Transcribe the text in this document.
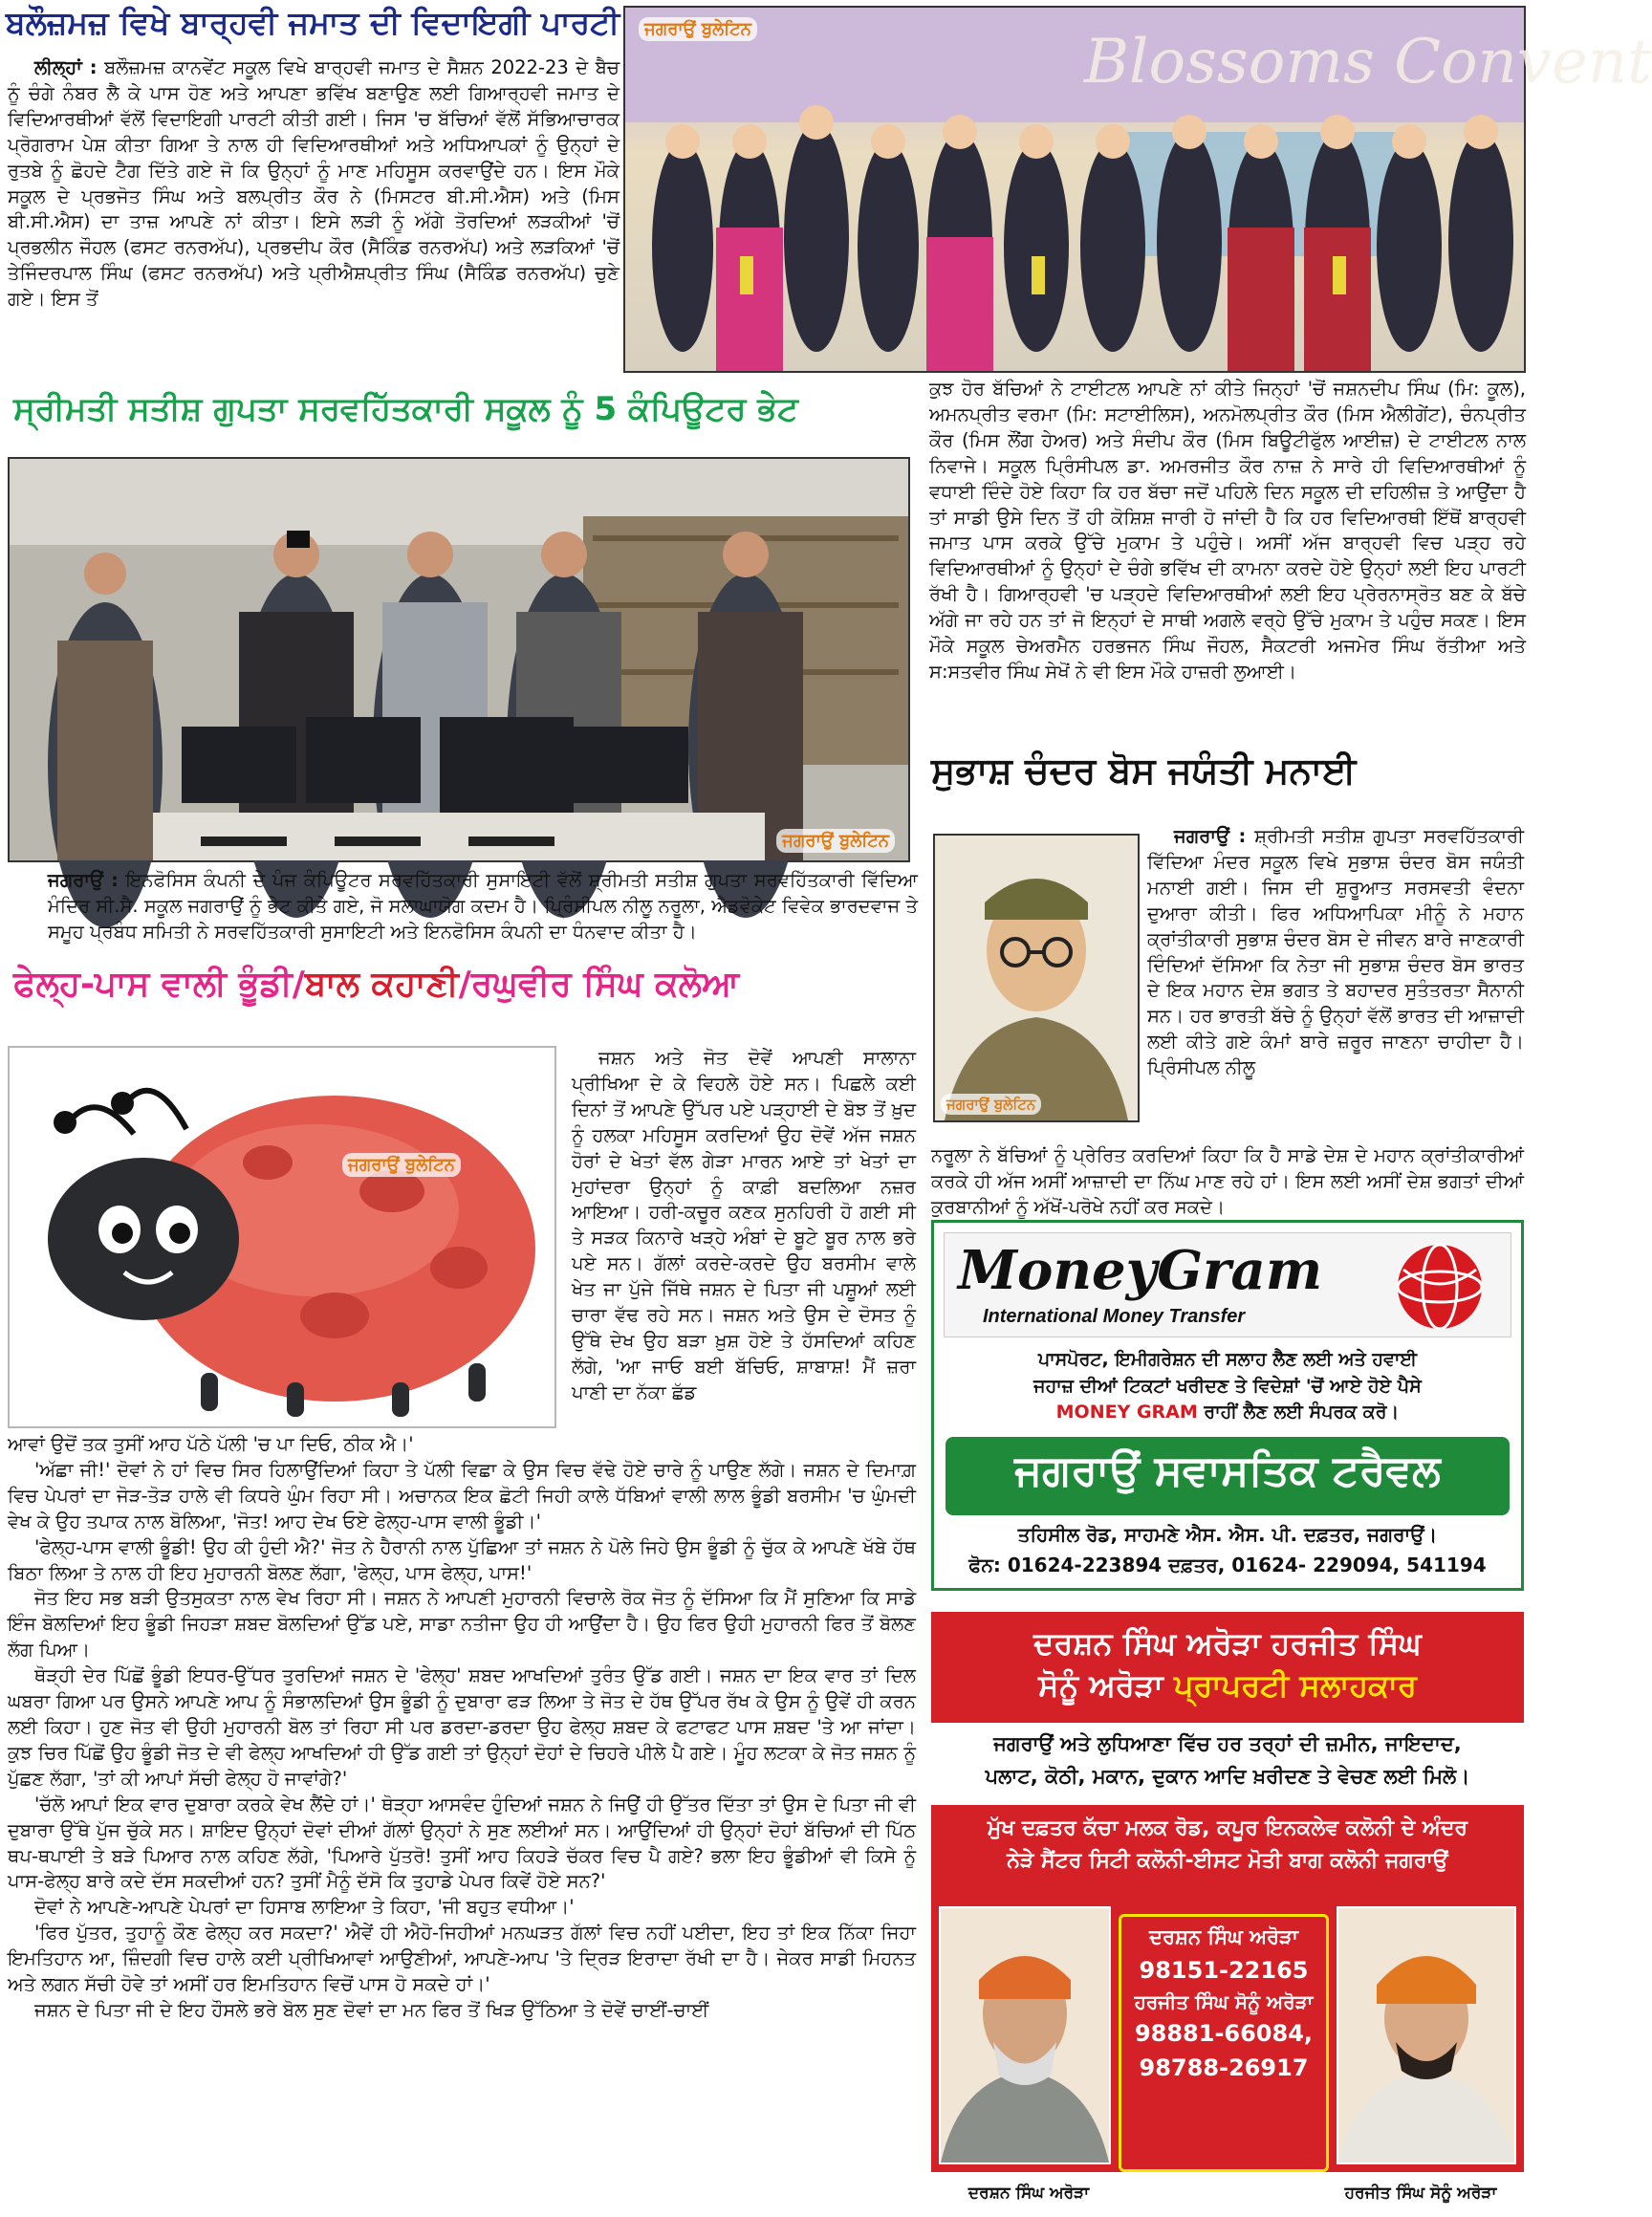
ਬਲੌਜ਼ਮਜ਼ ਵਿਖੇ ਬਾਰ੍ਹਵੀ ਜਮਾਤ ਦੀ ਵਿਦਾਇਗੀ ਪਾਰਟੀ

ਲੀਲ੍ਹਾਂ : ਬਲੌਜ਼ਮਜ਼ ਕਾਨਵੇਂਟ ਸਕੂਲ ਵਿਖੇ ਬਾਰ੍ਹਵੀ ਜਮਾਤ ਦੇ ਸੈਸ਼ਨ 2022-23 ਦੇ ਬੈਚ ਨੂੰ ਚੰਗੇ ਨੰਬਰ ਲੈ ਕੇ ਪਾਸ ਹੋਣ ਅਤੇ ਆਪਣਾ ਭਵਿੱਖ ਬਣਾਉਣ ਲਈ ਗਿਆਰ੍ਹਵੀ ਜਮਾਤ ਦੇ ਵਿਦਿਆਰਥੀਆਂ ਵੱਲੋਂ ਵਿਦਾਇਗੀ ਪਾਰਟੀ ਕੀਤੀ ਗਈ। ਜਿਸ 'ਚ ਬੱਚਿਆਂ ਵੱਲੋਂ ਸੱਭਿਆਚਾਰਕ ਪ੍ਰੋਗਰਾਮ ਪੇਸ਼ ਕੀਤਾ ਗਿਆ ਤੇ ਨਾਲ ਹੀ ਵਿਦਿਆਰਥੀਆਂ ਅਤੇ ਅਧਿਆਪਕਾਂ ਨੂੰ ਉਨ੍ਹਾਂ ਦੇ ਰੁਤਬੇ ਨੂੰ ਛੋਹਦੇ ਟੈਗ ਦਿੱਤੇ ਗਏ ਜੋ ਕਿ ਉਨ੍ਹਾਂ ਨੂੰ ਮਾਣ ਮਹਿਸੂਸ ਕਰਵਾਉਂਦੇ ਹਨ। ਇਸ ਮੌਕੇ ਸਕੂਲ ਦੇ ਪ੍ਰਭਜੋਤ ਸਿੰਘ ਅਤੇ ਬਲਪ੍ਰੀਤ ਕੌਰ ਨੇ (ਮਿਸਟਰ ਬੀ.ਸੀ.ਐਸ) ਅਤੇ (ਮਿਸ ਬੀ.ਸੀ.ਐਸ) ਦਾ ਤਾਜ਼ ਆਪਣੇ ਨਾਂ ਕੀਤਾ। ਇਸੇ ਲੜੀ ਨੂੰ ਅੱਗੇ ਤੋਰਦਿਆਂ ਲੜਕੀਆਂ 'ਚੋਂ ਪ੍ਰਭਲੀਨ ਜੌਹਲ (ਫਸਟ ਰਨਰਅੱਪ), ਪ੍ਰਭਦੀਪ ਕੌਰ (ਸੈਕਿੰਡ ਰਨਰਅੱਪ) ਅਤੇ ਲੜਕਿਆਂ 'ਚੋਂ ਤੇਜਿੰਦਰਪਾਲ ਸਿੰਘ (ਫਸਟ ਰਨਰਅੱਪ) ਅਤੇ ਪ੍ਰੀਐਸ਼ਪ੍ਰੀਤ ਸਿੰਘ (ਸੈਕਿੰਡ ਰਨਰਅੱਪ) ਚੁਣੇ ਗਏ। ਇਸ ਤੋਂ

Blossoms Convent
ਜਗਰਾਉਂ ਬੁਲੇਟਿਨ
ਕੁਝ ਹੋਰ ਬੱਚਿਆਂ ਨੇ ਟਾਈਟਲ ਆਪਣੇ ਨਾਂ ਕੀਤੇ ਜਿਨ੍ਹਾਂ 'ਚੋਂ ਜਸ਼ਨਦੀਪ ਸਿੰਘ (ਮਿ: ਕੂਲ), ਅਮਨਪ੍ਰੀਤ ਵਰਮਾ (ਮਿ: ਸਟਾਈਲਿਸ), ਅਨਮੋਲਪ੍ਰੀਤ ਕੌਰ (ਮਿਸ ਐਲੀਗੇਂਟ), ਚੰਨਪ੍ਰੀਤ ਕੌਰ (ਮਿਸ ਲੌਂਗ ਹੇਅਰ) ਅਤੇ ਸੰਦੀਪ ਕੌਰ (ਮਿਸ ਬਿਊਟੀਫੁੱਲ ਆਈਜ਼) ਦੇ ਟਾਈਟਲ ਨਾਲ ਨਿਵਾਜੇ। ਸਕੂਲ ਪ੍ਰਿੰਸੀਪਲ ਡਾ. ਅਮਰਜੀਤ ਕੌਰ ਨਾਜ਼ ਨੇ ਸਾਰੇ ਹੀ ਵਿਦਿਆਰਥੀਆਂ ਨੂੰ ਵਧਾਈ ਦਿੰਦੇ ਹੋਏ ਕਿਹਾ ਕਿ ਹਰ ਬੱਚਾ ਜਦੋਂ ਪਹਿਲੇ ਦਿਨ ਸਕੂਲ ਦੀ ਦਹਿਲੀਜ਼ ਤੇ ਆਉਂਦਾ ਹੈ ਤਾਂ ਸਾਡੀ ਉਸੇ ਦਿਨ ਤੋਂ ਹੀ ਕੋਸ਼ਿਸ਼ ਜਾਰੀ ਹੋ ਜਾਂਦੀ ਹੈ ਕਿ ਹਰ ਵਿਦਿਆਰਥੀ ਇੱਥੋਂ ਬਾਰ੍ਹਵੀ ਜਮਾਤ ਪਾਸ ਕਰਕੇ ਉੱਚੇ ਮੁਕਾਮ ਤੇ ਪਹੁੰਚੇ। ਅਸੀਂ ਅੱਜ ਬਾਰ੍ਹਵੀ ਵਿਚ ਪੜ੍ਹ ਰਹੇ ਵਿਦਿਆਰਥੀਆਂ ਨੂੰ ਉਨ੍ਹਾਂ ਦੇ ਚੰਗੇ ਭਵਿੱਖ ਦੀ ਕਾਮਨਾ ਕਰਦੇ ਹੋਏ ਉਨ੍ਹਾਂ ਲਈ ਇਹ ਪਾਰਟੀ ਰੱਖੀ ਹੈ। ਗਿਆਰ੍ਹਵੀ 'ਚ ਪੜ੍ਹਦੇ ਵਿਦਿਆਰਥੀਆਂ ਲਈ ਇਹ ਪ੍ਰੇਰਨਾਸ੍ਰੋਤ ਬਣ ਕੇ ਬੱਚੇ ਅੱਗੇ ਜਾ ਰਹੇ ਹਨ ਤਾਂ ਜੋ ਇਨ੍ਹਾਂ ਦੇ ਸਾਥੀ ਅਗਲੇ ਵਰ੍ਹੇ ਉੱਚੇ ਮੁਕਾਮ ਤੇ ਪਹੁੰਚ ਸਕਣ। ਇਸ ਮੌਕੇ ਸਕੂਲ ਚੇਅਰਮੈਨ ਹਰਭਜਨ ਸਿੰਘ ਜੌਹਲ, ਸੈਕਟਰੀ ਅਜਮੇਰ ਸਿੰਘ ਰੱਤੀਆ ਅਤੇ ਸ:ਸਤਵੀਰ ਸਿੰਘ ਸੇਖੋਂ ਨੇ ਵੀ ਇਸ ਮੌਕੇ ਹਾਜ਼ਰੀ ਲੁਆਈ।
ਸ੍ਰੀਮਤੀ ਸਤੀਸ਼ ਗੁਪਤਾ ਸਰਵਹਿੱਤਕਾਰੀ ਸਕੂਲ ਨੂੰ 5 ਕੰਪਿਊਟਰ ਭੇਟ
ਜਗਰਾਉਂ ਬੁਲੇਟਿਨ
ਜਗਰਾਉਂ : ਇਨਫੋਸਿਸ ਕੰਪਨੀ ਦੇ ਪੰਜ ਕੰਪਿਊਟਰ ਸਰਵਹਿੱਤਕਾਰੀ ਸੁਸਾਇਟੀ ਵੱਲੋਂ ਸ਼੍ਰੀਮਤੀ ਸਤੀਸ਼ ਗੁਪਤਾ ਸਰਵਹਿੱਤਕਾਰੀ ਵਿੱਦਿਆ ਮੰਦਿਰ ਸੀ.ਸੈ. ਸਕੂਲ ਜਗਰਾਉਂ ਨੂੰ ਭੇਟ ਕੀਤੇ ਗਏ, ਜੋ ਸਲਾਘਾਯੋਗ ਕਦਮ ਹੈ। ਪ੍ਰਿੰਸੀਪਲ ਨੀਲੂ ਨਰੂਲਾ, ਐਡਵੋਕੇਟ ਵਿਵੇਕ ਭਾਰਦਵਾਜ ਤੇ ਸਮੂਹ ਪ੍ਰਬੰਧ ਸਮਿਤੀ ਨੇ ਸਰਵਹਿੱਤਕਾਰੀ ਸੁਸਾਇਟੀ ਅਤੇ ਇਨਫੋਸਿਸ ਕੰਪਨੀ ਦਾ ਧੰਨਵਾਦ ਕੀਤਾ ਹੈ।
ਫੇਲ੍ਹ-ਪਾਸ ਵਾਲੀ ਭੂੰਡੀ/ਬਾਲ ਕਹਾਣੀ/ਰਘੁਵੀਰ ਸਿੰਘ ਕਲੋਆ
ਜਗਰਾਉਂ ਬੁਲੇਟਿਨ

ਜਸ਼ਨ ਅਤੇ ਜੋਤ ਦੋਵੇਂ ਆਪਣੀ ਸਾਲਾਨਾ ਪ੍ਰੀਖਿਆ ਦੇ ਕੇ ਵਿਹਲੇ ਹੋਏ ਸਨ। ਪਿਛਲੇ ਕਈ ਦਿਨਾਂ ਤੋਂ ਆਪਣੇ ਉੱਪਰ ਪਏ ਪੜ੍ਹਾਈ ਦੇ ਬੋਝ ਤੋਂ ਖ਼ੁਦ ਨੂੰ ਹਲਕਾ ਮਹਿਸੂਸ ਕਰਦਿਆਂ ਉਹ ਦੋਵੇਂ ਅੱਜ ਜਸ਼ਨ ਹੋਰਾਂ ਦੇ ਖੇਤਾਂ ਵੱਲ ਗੇੜਾ ਮਾਰਨ ਆਏ ਤਾਂ ਖੇਤਾਂ ਦਾ ਮੁਹਾਂਦਰਾ ਉਨ੍ਹਾਂ ਨੂੰ ਕਾਫ਼ੀ ਬਦਲਿਆ ਨਜ਼ਰ ਆਇਆ। ਹਰੀ-ਕਚੂਰ ਕਣਕ ਸੁਨਹਿਰੀ ਹੋ ਗਈ ਸੀ ਤੇ ਸੜਕ ਕਿਨਾਰੇ ਖੜ੍ਹੇ ਅੰਬਾਂ ਦੇ ਬੂਟੇ ਬੂਰ ਨਾਲ ਭਰੇ ਪਏ ਸਨ। ਗੱਲਾਂ ਕਰਦੇ-ਕਰਦੇ ਉਹ ਬਰਸੀਮ ਵਾਲੇ ਖੇਤ ਜਾ ਪੁੱਜੇ ਜਿੱਥੇ ਜਸ਼ਨ ਦੇ ਪਿਤਾ ਜੀ ਪਸ਼ੂਆਂ ਲਈ ਚਾਰਾ ਵੱਢ ਰਹੇ ਸਨ। ਜਸ਼ਨ ਅਤੇ ਉਸ ਦੇ ਦੋਸਤ ਨੂੰ ਉੱਥੇ ਦੇਖ ਉਹ ਬੜਾ ਖ਼ੁਸ਼ ਹੋਏ ਤੇ ਹੱਸਦਿਆਂ ਕਹਿਣ ਲੱਗੇ, 'ਆ ਜਾਓ ਬਈ ਬੱਚਿਓ, ਸ਼ਾਬਾਸ਼! ਮੈਂ ਜ਼ਰਾ ਪਾਣੀ ਦਾ ਨੱਕਾ ਛੱਡ

ਆਵਾਂ ਉਦੋਂ ਤਕ ਤੁਸੀਂ ਆਹ ਪੱਠੇ ਪੱਲੀ 'ਚ ਪਾ ਦਿਓ, ਠੀਕ ਐ।'

'ਅੱਛਾ ਜੀ!' ਦੋਵਾਂ ਨੇ ਹਾਂ ਵਿਚ ਸਿਰ ਹਿਲਾਉਂਦਿਆਂ ਕਿਹਾ ਤੇ ਪੱਲੀ ਵਿਛਾ ਕੇ ਉਸ ਵਿਚ ਵੱਢੇ ਹੋਏ ਚਾਰੇ ਨੂੰ ਪਾਉਣ ਲੱਗੇ। ਜਸ਼ਨ ਦੇ ਦਿਮਾਗ਼ ਵਿਚ ਪੇਪਰਾਂ ਦਾ ਜੋੜ-ਤੋੜ ਹਾਲੇ ਵੀ ਕਿਧਰੇ ਘੁੰਮ ਰਿਹਾ ਸੀ। ਅਚਾਨਕ ਇਕ ਛੋਟੀ ਜਿਹੀ ਕਾਲੇ ਧੱਬਿਆਂ ਵਾਲੀ ਲਾਲ ਭੂੰਡੀ ਬਰਸੀਮ 'ਚ ਘੁੰਮਦੀ ਵੇਖ ਕੇ ਉਹ ਤਪਾਕ ਨਾਲ ਬੋਲਿਆ, 'ਜੋਤ! ਆਹ ਦੇਖ ਓਏ ਫੇਲ੍ਹ-ਪਾਸ ਵਾਲੀ ਭੂੰਡੀ।'

'ਫੇਲ੍ਹ-ਪਾਸ ਵਾਲੀ ਭੂੰਡੀ! ਉਹ ਕੀ ਹੁੰਦੀ ਐ?' ਜੋਤ ਨੇ ਹੈਰਾਨੀ ਨਾਲ ਪੁੱਛਿਆ ਤਾਂ ਜਸ਼ਨ ਨੇ ਪੋਲੇ ਜਿਹੇ ਉਸ ਭੂੰਡੀ ਨੂੰ ਚੁੱਕ ਕੇ ਆਪਣੇ ਖੱਬੇ ਹੱਥ ਬਿਠਾ ਲਿਆ ਤੇ ਨਾਲ ਹੀ ਇਹ ਮੁਹਾਰਨੀ ਬੋਲਣ ਲੱਗਾ, 'ਫੇਲ੍ਹ, ਪਾਸ ਫੇਲ੍ਹ, ਪਾਸ!'

ਜੋਤ ਇਹ ਸਭ ਬੜੀ ਉਤਸੁਕਤਾ ਨਾਲ ਵੇਖ ਰਿਹਾ ਸੀ। ਜਸ਼ਨ ਨੇ ਆਪਣੀ ਮੁਹਾਰਨੀ ਵਿਚਾਲੇ ਰੋਕ ਜੋਤ ਨੂੰ ਦੱਸਿਆ ਕਿ ਮੈਂ ਸੁਣਿਆ ਕਿ ਸਾਡੇ ਇੰਜ ਬੋਲਦਿਆਂ ਇਹ ਭੂੰਡੀ ਜਿਹੜਾ ਸ਼ਬਦ ਬੋਲਦਿਆਂ ਉੱਡ ਪਏ, ਸਾਡਾ ਨਤੀਜਾ ਉਹ ਹੀ ਆਉਂਦਾ ਹੈ। ਉਹ ਫਿਰ ਉਹੀ ਮੁਹਾਰਨੀ ਫਿਰ ਤੋਂ ਬੋਲਣ ਲੱਗ ਪਿਆ।

ਥੋੜ੍ਹੀ ਦੇਰ ਪਿੱਛੋਂ ਭੂੰਡੀ ਇਧਰ-ਉੱਧਰ ਤੁਰਦਿਆਂ ਜਸ਼ਨ ਦੇ 'ਫੇਲ੍ਹ' ਸ਼ਬਦ ਆਖਦਿਆਂ ਤੁਰੰਤ ਉੱਡ ਗਈ। ਜਸ਼ਨ ਦਾ ਇਕ ਵਾਰ ਤਾਂ ਦਿਲ ਘਬਰਾ ਗਿਆ ਪਰ ਉਸਨੇ ਆਪਣੇ ਆਪ ਨੂੰ ਸੰਭਾਲਦਿਆਂ ਉਸ ਭੂੰਡੀ ਨੂੰ ਦੁਬਾਰਾ ਫੜ ਲਿਆ ਤੇ ਜੋਤ ਦੇ ਹੱਥ ਉੱਪਰ ਰੱਖ ਕੇ ਉਸ ਨੂੰ ਉਵੇਂ ਹੀ ਕਰਨ ਲਈ ਕਿਹਾ। ਹੁਣ ਜੋਤ ਵੀ ਉਹੀ ਮੁਹਾਰਨੀ ਬੋਲ ਤਾਂ ਰਿਹਾ ਸੀ ਪਰ ਡਰਦਾ-ਡਰਦਾ ਉਹ ਫੇਲ੍ਹ ਸ਼ਬਦ ਕੇ ਫਟਾਫਟ ਪਾਸ ਸ਼ਬਦ 'ਤੇ ਆ ਜਾਂਦਾ। ਕੁਝ ਚਿਰ ਪਿੱਛੋਂ ਉਹ ਭੂੰਡੀ ਜੋਤ ਦੇ ਵੀ ਫੇਲ੍ਹ ਆਖਦਿਆਂ ਹੀ ਉੱਡ ਗਈ ਤਾਂ ਉਨ੍ਹਾਂ ਦੋਹਾਂ ਦੇ ਚਿਹਰੇ ਪੀਲੇ ਪੈ ਗਏ। ਮੂੰਹ ਲਟਕਾ ਕੇ ਜੋਤ ਜਸ਼ਨ ਨੂੰ ਪੁੱਛਣ ਲੱਗਾ, 'ਤਾਂ ਕੀ ਆਪਾਂ ਸੱਚੀ ਫੇਲ੍ਹ ਹੋ ਜਾਵਾਂਗੇ?'

'ਚੱਲੋ ਆਪਾਂ ਇਕ ਵਾਰ ਦੁਬਾਰਾ ਕਰਕੇ ਵੇਖ ਲੈਂਦੇ ਹਾਂ।' ਥੋੜ੍ਹਾ ਆਸਵੰਦ ਹੁੰਦਿਆਂ ਜਸ਼ਨ ਨੇ ਜਿਉਂ ਹੀ ਉੱਤਰ ਦਿੱਤਾ ਤਾਂ ਉਸ ਦੇ ਪਿਤਾ ਜੀ ਵੀ ਦੁਬਾਰਾ ਉੱਥੇ ਪੁੱਜ ਚੁੱਕੇ ਸਨ। ਸ਼ਾਇਦ ਉਨ੍ਹਾਂ ਦੋਵਾਂ ਦੀਆਂ ਗੱਲਾਂ ਉਨ੍ਹਾਂ ਨੇ ਸੁਣ ਲਈਆਂ ਸਨ। ਆਉਂਦਿਆਂ ਹੀ ਉਨ੍ਹਾਂ ਦੋਹਾਂ ਬੱਚਿਆਂ ਦੀ ਪਿੱਠ ਥਪ-ਥਪਾਈ ਤੇ ਬੜੇ ਪਿਆਰ ਨਾਲ ਕਹਿਣ ਲੱਗੇ, 'ਪਿਆਰੇ ਪੁੱਤਰੋ! ਤੁਸੀਂ ਆਹ ਕਿਹੜੇ ਚੱਕਰ ਵਿਚ ਪੈ ਗਏ? ਭਲਾ ਇਹ ਭੂੰਡੀਆਂ ਵੀ ਕਿਸੇ ਨੂੰ ਪਾਸ-ਫੇਲ੍ਹ ਬਾਰੇ ਕਦੇ ਦੱਸ ਸਕਦੀਆਂ ਹਨ? ਤੁਸੀਂ ਮੈਨੂੰ ਦੱਸੋ ਕਿ ਤੁਹਾਡੇ ਪੇਪਰ ਕਿਵੇਂ ਹੋਏ ਸਨ?'

ਦੋਵਾਂ ਨੇ ਆਪਣੇ-ਆਪਣੇ ਪੇਪਰਾਂ ਦਾ ਹਿਸਾਬ ਲਾਇਆ ਤੇ ਕਿਹਾ, 'ਜੀ ਬਹੁਤ ਵਧੀਆ।'

'ਫਿਰ ਪੁੱਤਰ, ਤੁਹਾਨੂੰ ਕੌਣ ਫੇਲ੍ਹ ਕਰ ਸਕਦਾ?' ਐਵੇਂ ਹੀ ਐਹੋ-ਜਿਹੀਆਂ ਮਨਘੜਤ ਗੱਲਾਂ ਵਿਚ ਨਹੀਂ ਪਈਦਾ, ਇਹ ਤਾਂ ਇਕ ਨਿੱਕਾ ਜਿਹਾ ਇਮਤਿਹਾਨ ਆ, ਜ਼ਿੰਦਗੀ ਵਿਚ ਹਾਲੇ ਕਈ ਪ੍ਰੀਖਿਆਵਾਂ ਆਉਣੀਆਂ, ਆਪਣੇ-ਆਪ 'ਤੇ ਦ੍ਰਿੜ ਇਰਾਦਾ ਰੱਖੀ ਦਾ ਹੈ। ਜੇਕਰ ਸਾਡੀ ਮਿਹਨਤ ਅਤੇ ਲਗਨ ਸੱਚੀ ਹੋਵੇ ਤਾਂ ਅਸੀਂ ਹਰ ਇਮਤਿਹਾਨ ਵਿਚੋਂ ਪਾਸ ਹੋ ਸਕਦੇ ਹਾਂ।'

ਜਸ਼ਨ ਦੇ ਪਿਤਾ ਜੀ ਦੇ ਇਹ ਹੌਸਲੇ ਭਰੇ ਬੋਲ ਸੁਣ ਦੋਵਾਂ ਦਾ ਮਨ ਫਿਰ ਤੋਂ ਖਿੜ ਉੱਠਿਆ ਤੇ ਦੋਵੇਂ ਚਾਈਂ-ਚਾਈਂ

ਸੁਭਾਸ਼ ਚੰਦਰ ਬੋਸ ਜਯੰਤੀ ਮਨਾਈ
ਜਗਰਾਉਂ ਬੁਲੇਟਿਨ

ਜਗਰਾਉਂ : ਸ਼੍ਰੀਮਤੀ ਸਤੀਸ਼ ਗੁਪਤਾ ਸਰਵਹਿੱਤਕਾਰੀ ਵਿੱਦਿਆ ਮੰਦਰ ਸਕੂਲ ਵਿਖੇ ਸੁਭਾਸ਼ ਚੰਦਰ ਬੋਸ ਜਯੰਤੀ ਮਨਾਈ ਗਈ। ਜਿਸ ਦੀ ਸ਼ੁਰੂਆਤ ਸਰਸਵਤੀ ਵੰਦਨਾ ਦੁਆਰਾ ਕੀਤੀ। ਫਿਰ ਅਧਿਆਪਿਕਾ ਮੀਨੂੰ ਨੇ ਮਹਾਨ ਕ੍ਰਾਂਤੀਕਾਰੀ ਸੁਭਾਸ਼ ਚੰਦਰ ਬੋਸ ਦੇ ਜੀਵਨ ਬਾਰੇ ਜਾਣਕਾਰੀ ਦਿੰਦਿਆਂ ਦੱਸਿਆ ਕਿ ਨੇਤਾ ਜੀ ਸੁਭਾਸ਼ ਚੰਦਰ ਬੋਸ ਭਾਰਤ ਦੇ ਇਕ ਮਹਾਨ ਦੇਸ਼ ਭਗਤ ਤੇ ਬਹਾਦਰ ਸੁਤੰਤਰਤਾ ਸੈਨਾਨੀ ਸਨ। ਹਰ ਭਾਰਤੀ ਬੱਚੇ ਨੂੰ ਉਨ੍ਹਾਂ ਵੱਲੋਂ ਭਾਰਤ ਦੀ ਆਜ਼ਾਦੀ ਲਈ ਕੀਤੇ ਗਏ ਕੰਮਾਂ ਬਾਰੇ ਜ਼ਰੂਰ ਜਾਣਨਾ ਚਾਹੀਦਾ ਹੈ। ਪ੍ਰਿੰਸੀਪਲ ਨੀਲੂ

ਨਰੂਲਾ ਨੇ ਬੱਚਿਆਂ ਨੂੰ ਪ੍ਰੇਰਿਤ ਕਰਦਿਆਂ ਕਿਹਾ ਕਿ ਹੈ ਸਾਡੇ ਦੇਸ਼ ਦੇ ਮਹਾਨ ਕ੍ਰਾਂਤੀਕਾਰੀਆਂ ਕਰਕੇ ਹੀ ਅੱਜ ਅਸੀਂ ਆਜ਼ਾਦੀ ਦਾ ਨਿੱਘ ਮਾਣ ਰਹੇ ਹਾਂ। ਇਸ ਲਈ ਅਸੀਂ ਦੇਸ਼ ਭਗਤਾਂ ਦੀਆਂ ਕੁਰਬਾਨੀਆਂ ਨੂੰ ਅੱਖੋਂ-ਪਰੋਖੇ ਨਹੀਂ ਕਰ ਸਕਦੇ।
MoneyGram
International Money Transfer
ਪਾਸਪੋਰਟ, ਇਮੀਗਰੇਸ਼ਨ ਦੀ ਸਲਾਹ ਲੈਣ ਲਈ ਅਤੇ ਹਵਾਈ
ਜਹਾਜ਼ ਦੀਆਂ ਟਿਕਟਾਂ ਖਰੀਦਣ ਤੇ ਵਿਦੇਸ਼ਾਂ 'ਚੋਂ ਆਏ ਹੋਏ ਪੈਸੇ
MONEY GRAM ਰਾਹੀਂ ਲੈਣ ਲਈ ਸੰਪਰਕ ਕਰੋ।
ਜਗਰਾਉਂ ਸਵਾਸਤਿਕ ਟਰੈਵਲ
ਤਹਿਸੀਲ ਰੋਡ, ਸਾਹਮਣੇ ਐਸ. ਐਸ. ਪੀ. ਦਫ਼ਤਰ, ਜਗਰਾਉਂ।
ਫੋਨ: 01624-223894 ਦਫ਼ਤਰ, 01624- 229094, 541194
ਦਰਸ਼ਨ ਸਿੰਘ ਅਰੋੜਾ ਹਰਜੀਤ ਸਿੰਘ
ਸੋਨੂੰ ਅਰੋੜਾ ਪ੍ਰਾਪਰਟੀ ਸਲਾਹਕਾਰ
ਜਗਰਾਉਂ ਅਤੇ ਲੁਧਿਆਣਾ ਵਿੱਚ ਹਰ ਤਰ੍ਹਾਂ ਦੀ ਜ਼ਮੀਨ, ਜਾਇਦਾਦ,
ਪਲਾਟ, ਕੋਠੀ, ਮਕਾਨ, ਦੁਕਾਨ ਆਦਿ ਖ਼ਰੀਦਣ ਤੇ ਵੇਚਣ ਲਈ ਮਿਲੋ।
ਮੁੱਖ ਦਫ਼ਤਰ ਕੱਚਾ ਮਲਕ ਰੋਡ, ਕਪੂਰ ਇਨਕਲੇਵ ਕਲੋਨੀ ਦੇ ਅੰਦਰ
ਨੇੜੇ ਸੈਂਟਰ ਸਿਟੀ ਕਲੋਨੀ-ਈਸਟ ਮੋਤੀ ਬਾਗ ਕਲੋਨੀ ਜਗਰਾਉਂ
ਦਰਸ਼ਨ ਸਿੰਘ ਅਰੋੜਾ
98151-22165
ਹਰਜੀਤ ਸਿੰਘ ਸੋਨੂੰ ਅਰੋੜਾ
98881-66084,
98788-26917
ਦਰਸ਼ਨ ਸਿੰਘ ਅਰੋੜਾ	ਹਰਜੀਤ ਸਿੰਘ ਸੋਨੂੰ ਅਰੋੜਾ
